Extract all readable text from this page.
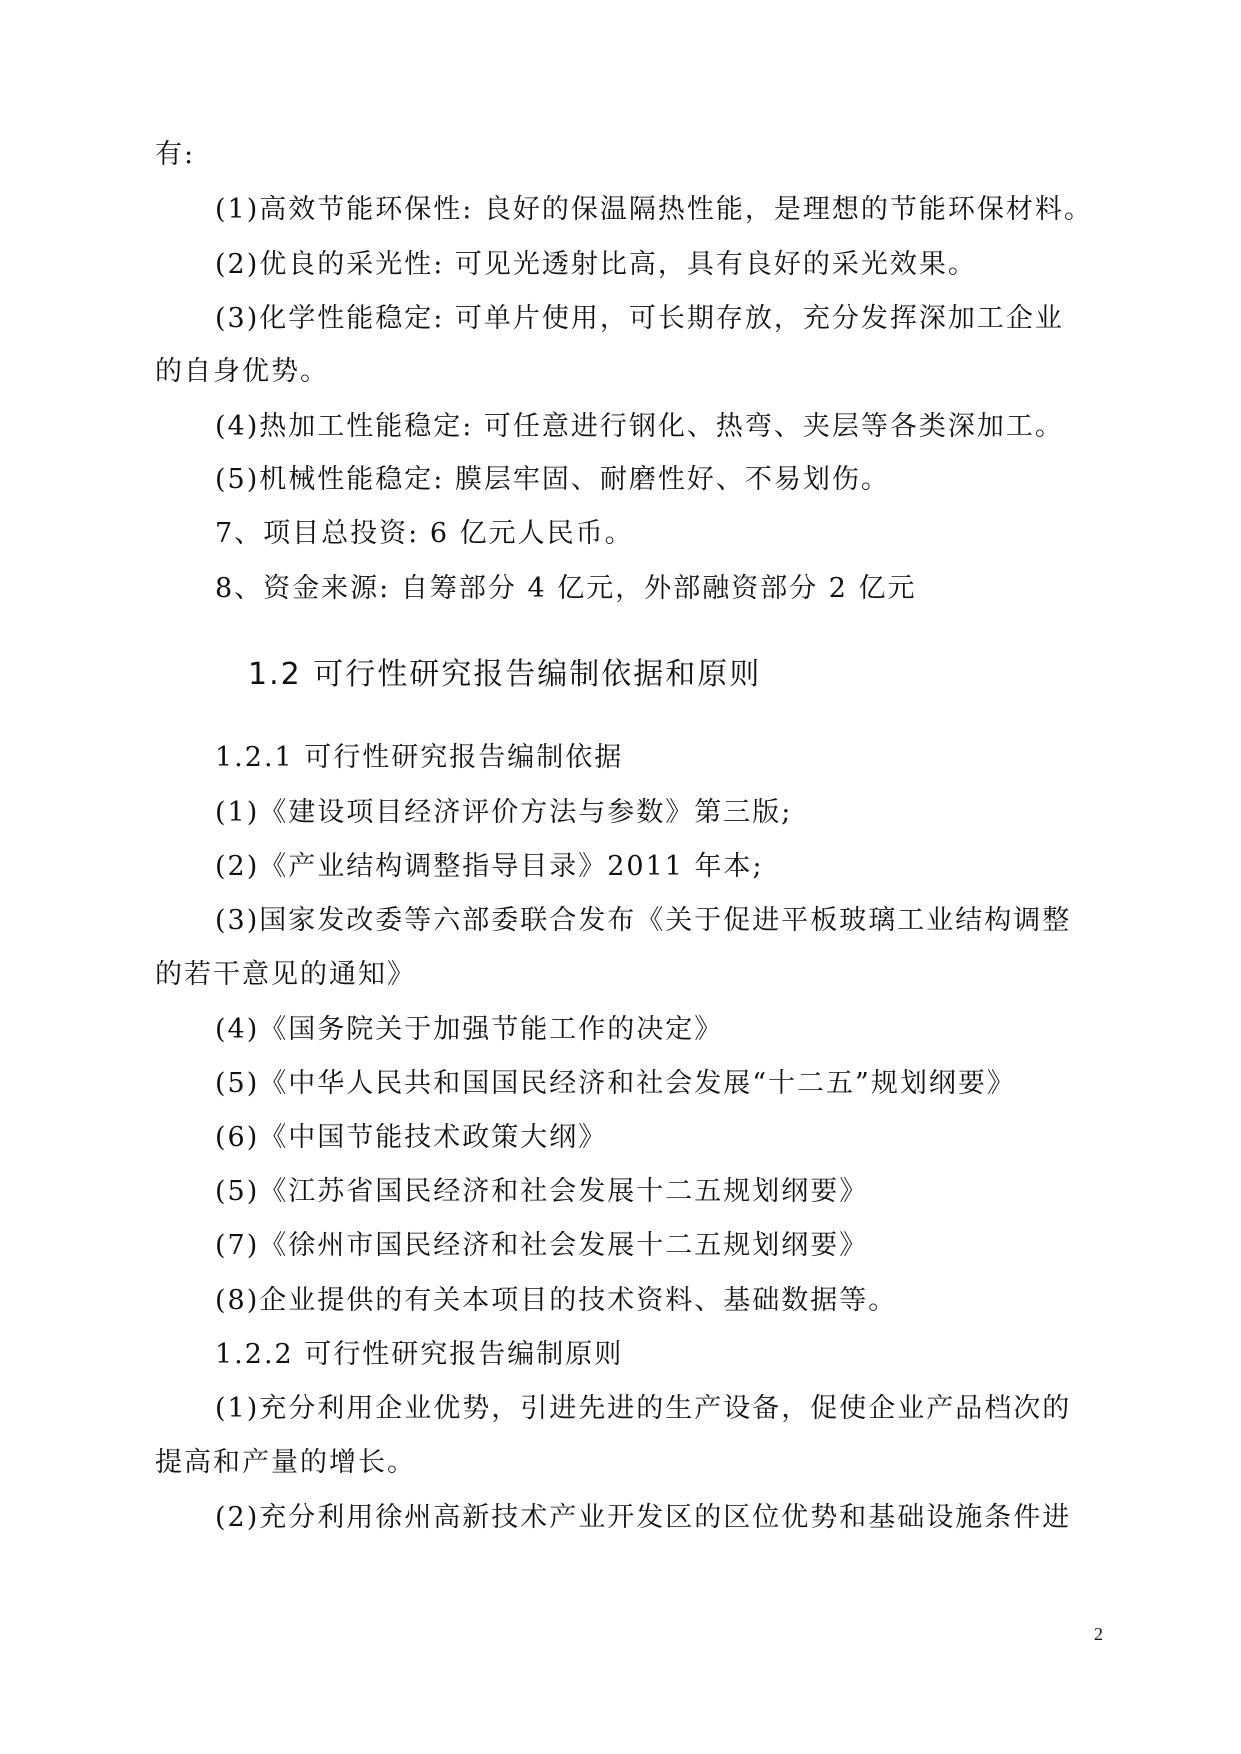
有:
(1)高效节能环保性: 良好的保温隔热性能，是理想的节能环保材料。
(2)优良的采光性: 可见光透射比高，具有良好的采光效果。
(3)化学性能稳定: 可单片使用，可长期存放，充分发挥深加工企业
的自身优势。
(4)热加工性能稳定: 可任意进行钢化、热弯、夹层等各类深加工。
(5)机械性能稳定: 膜层牢固、耐磨性好、不易划伤。
7、项目总投资: 6 亿元人民币。
8、资金来源: 自筹部分 4 亿元，外部融资部分 2 亿元
1.2 可行性研究报告编制依据和原则
1.2.1 可行性研究报告编制依据
(1)《建设项目经济评价方法与参数》第三版;
(2)《产业结构调整指导目录》2011 年本;
(3)国家发改委等六部委联合发布《关于促进平板玻璃工业结构调整
的若干意见的通知》
(4)《国务院关于加强节能工作的决定》
(5)《中华人民共和国国民经济和社会发展“十二五”规划纲要》
(6)《中国节能技术政策大纲》
(5)《江苏省国民经济和社会发展十二五规划纲要》
(7)《徐州市国民经济和社会发展十二五规划纲要》
(8)企业提供的有关本项目的技术资料、基础数据等。
1.2.2 可行性研究报告编制原则
(1)充分利用企业优势，引进先进的生产设备，促使企业产品档次的
提高和产量的增长。
(2)充分利用徐州高新技术产业开发区的区位优势和基础设施条件进
2
